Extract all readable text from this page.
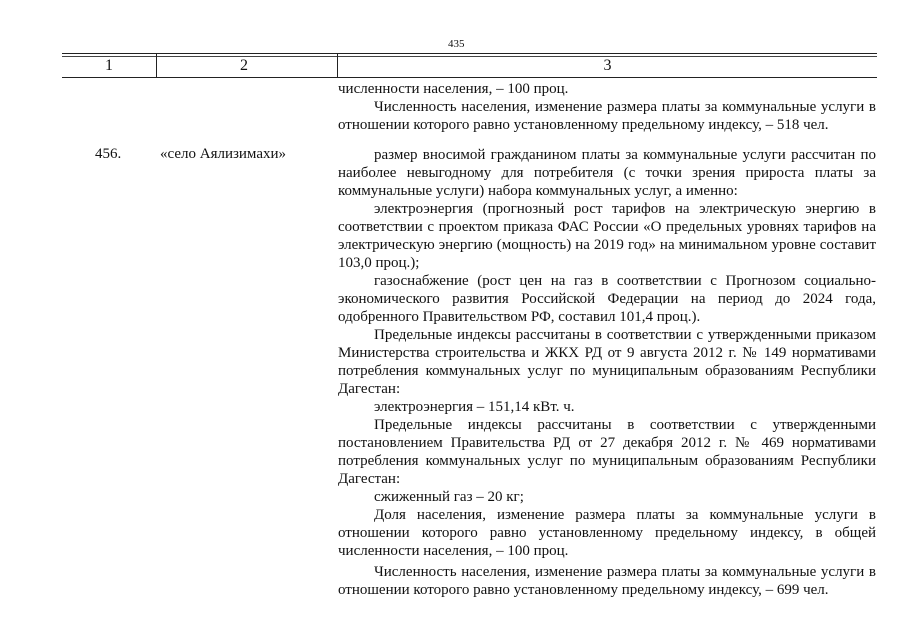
435
1	2	3

численности населения, – 100 проц.

Численность населения, изменение размера платы за коммунальные услуги в отношении которого равно установленному предельному индексу, – 518 чел.

456.	«село Аялизимахи»	размер вносимой гражданином платы за коммунальные услуги рассчитан по наиболее невыгодному для потребителя (с точки зрения прироста платы за коммунальные услуги) набора коммунальных услуг, а именно:

электроэнергия (прогнозный рост тарифов на электрическую энергию в соответствии с проектом приказа ФАС России «О предельных уровнях тарифов на электрическую энергию (мощность) на 2019 год» на минимальном уровне составит 103,0 проц.);

газоснабжение (рост цен на газ в соответствии с Прогнозом социально-экономического развития Российской Федерации на период до 2024 года, одобренного Правительством РФ, составил 101,4 проц.).

Предельные индексы рассчитаны в соответствии с утвержденными приказом Министерства строительства и ЖКХ РД от 9 августа 2012 г. № 149 нормативами потребления коммунальных услуг по муниципальным образованиям Республики Дагестан:

электроэнергия – 151,14 кВт. ч.

Предельные индексы рассчитаны в соответствии с утвержденными постановлением Правительства РД от 27 декабря 2012 г. № 469 нормативами потребления коммунальных услуг по муниципальным образованиям Республики Дагестан:

сжиженный газ – 20 кг;

Доля населения, изменение размера платы за коммунальные услуги в отношении которого равно установленному предельному индексу, в общей численности населения, – 100 проц.

Численность населения, изменение размера платы за коммунальные услуги в отношении которого равно установленному предельному индексу, – 699 чел.
